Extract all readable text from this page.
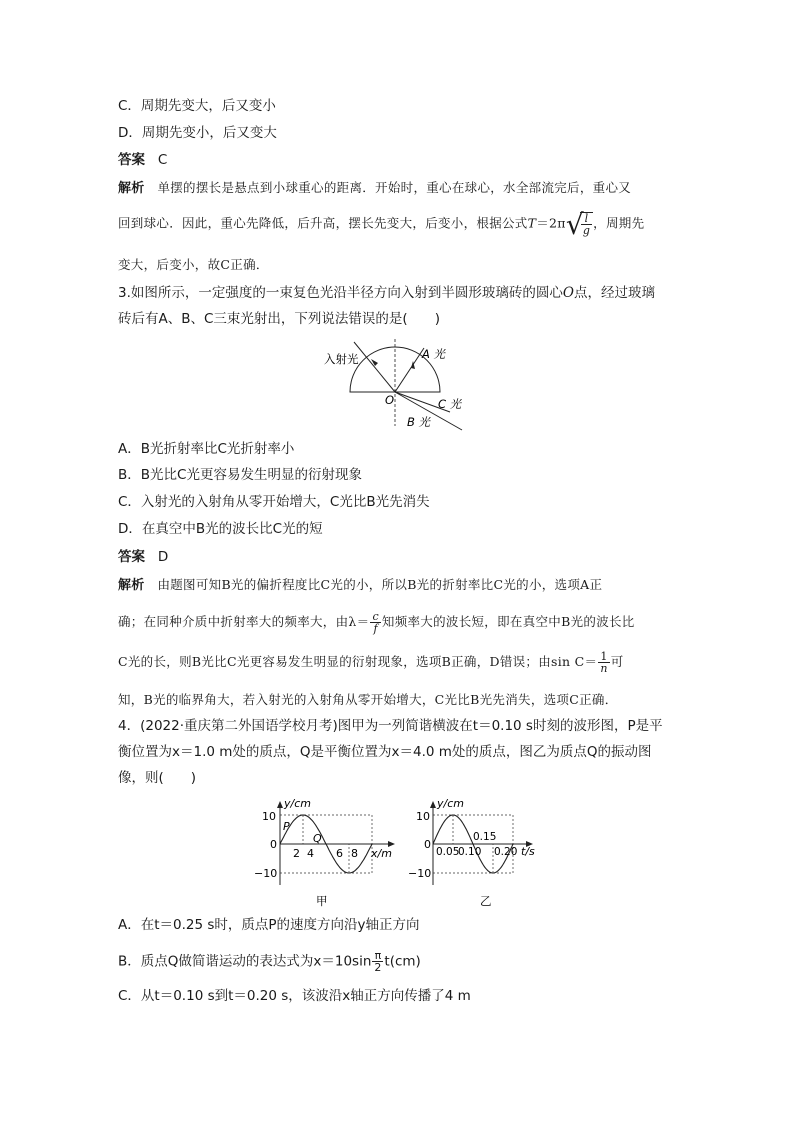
C．周期先变大，后又变小
D．周期先变小，后又变大
答案 C
解析 单摆的摆长是悬点到小球重心的距离．开始时，重心在球心，水全部流完后，重心又
回到球心．因此，重心先降低，后升高，摆长先变大，后变小，根据公式T＝2π √
$\frac{l}{g}$ ，周期先
变大，后变小，故C正确．
3.如图所示，一定强度的一束复色光沿半径方向入射到半圆形玻璃砖的圆心O点，经过玻璃
砖后有A、B、C三束光射出，下列说法错误的是(　　)
入射光	A 光
C 光
B 光
O
A．B光折射率比C光折射率小
B．B光比C光更容易发生明显的衍射现象
C．入射光的入射角从零开始增大，C光比B光先消失
D．在真空中B光的波长比C光的短
答案 D
解析 由题图可知B光的偏折程度比C光的小，所以B光的折射率比C光的小，选项A正
确；在同种介质中折射率大的频率大，由$\lambda= \frac{c}{f}$ 知频率大的波长短，即在真空中B光的波长比
C光的长，则B光比C光更容易发生明显的衍射现象，选项B正确，D错误；由$\sin C= \frac{1}{n}$ 可
知，B光的临界角大，若入射光的入射角从零开始增大，C光比B光先消失，选项C正确．
4．(2022·重庆第二外国语学校月考)图甲为一列简谐横波在t＝0.10 s时刻的波形图，P是平
衡位置为x＝1.0 m处的质点，Q是平衡位置为x＝4.0 m处的质点，图乙为质点Q的振动图
像，则(　　)
y/cm
x/m
10
0
−10
2 4 6 8
P
Q
甲
y/cm
t/s
10
0
−10
0.05
0.10
0.15
0.20
乙
A．在t＝0.25 s时，质点P的速度方向沿y轴正方向
B．质点Q做简谐运动的表达式为$x=10\sin \frac{\pi}{2} t(cm)$
C．从t＝0.10 s到t＝0.20 s，该波沿x轴正方向传播了4 m
